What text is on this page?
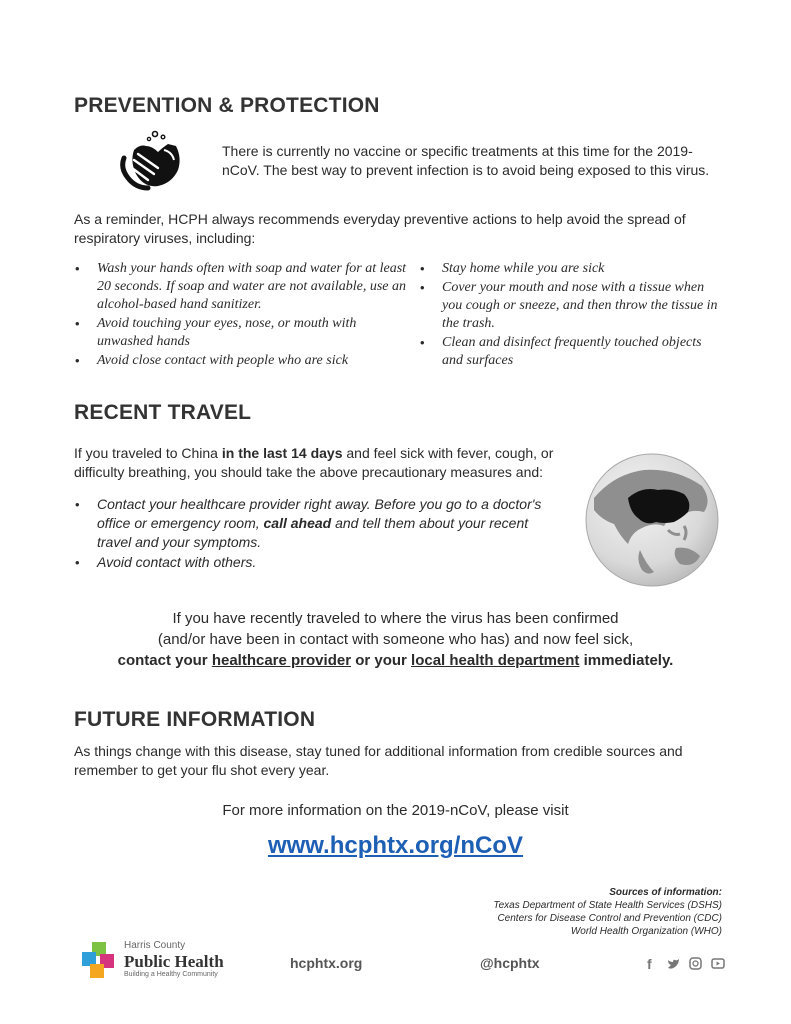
PREVENTION & PROTECTION
There is currently no vaccine or specific treatments at this time for the 2019-nCoV. The best way to prevent infection is to avoid being exposed to this virus.
As a reminder, HCPH always recommends everyday preventive actions to help avoid the spread of respiratory viruses, including:
• Wash your hands often with soap and water for at least 20 seconds. If soap and water are not available, use an alcohol-based hand sanitizer.
• Avoid touching your eyes, nose, or mouth with unwashed hands
• Avoid close contact with people who are sick
• Stay home while you are sick
• Cover your mouth and nose with a tissue when you cough or sneeze, and then throw the tissue in the trash.
• Clean and disinfect frequently touched objects and surfaces
RECENT TRAVEL
If you traveled to China in the last 14 days and feel sick with fever, cough, or difficulty breathing, you should take the above precautionary measures and:
• Contact your healthcare provider right away. Before you go to a doctor's office or emergency room, call ahead and tell them about your recent travel and your symptoms.
• Avoid contact with others.
If you have recently traveled to where the virus has been confirmed
(and/or have been in contact with someone who has) and now feel sick,
contact your healthcare provider or your local health department immediately.
FUTURE INFORMATION
As things change with this disease, stay tuned for additional information from credible sources and remember to get your flu shot every year.
For more information on the 2019-nCoV, please visit
www.hcphtx.org/nCoV
Sources of information:
Texas Department of State Health Services (DSHS)
Centers for Disease Control and Prevention (CDC)
World Health Organization (WHO)
Harris County
Public Health
Building a Healthy Community
hcphtx.org	@hcphtx	f
